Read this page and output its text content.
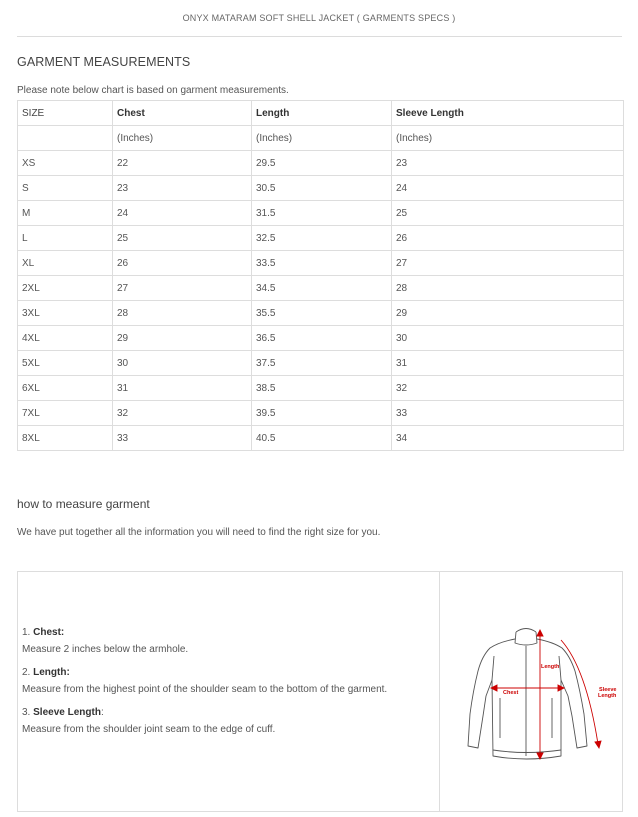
ONYX MATARAM SOFT SHELL JACKET ( GARMENTS SPECS )
GARMENT MEASUREMENTS
Please note below chart is based on garment measurements.
SIZE	Chest	Length	Sleeve Length
	(Inches)	(Inches)	(Inches)
XS	22	29.5	23
S	23	30.5	24
M	24	31.5	25
L	25	32.5	26
XL	26	33.5	27
2XL	27	34.5	28
3XL	28	35.5	29
4XL	29	36.5	30
5XL	30	37.5	31
6XL	31	38.5	32
7XL	32	39.5	33
8XL	33	40.5	34
how to measure garment
We have put together all the information you will need to find the right size for you.
1. Chest:
Measure 2 inches below the armhole.
2. Length:
Measure from the highest point of the shoulder seam to the bottom of the garment.
3. Sleeve Length:
Measure from the shoulder joint seam to the edge of cuff.
Length
Chest	Sleeve
Length
